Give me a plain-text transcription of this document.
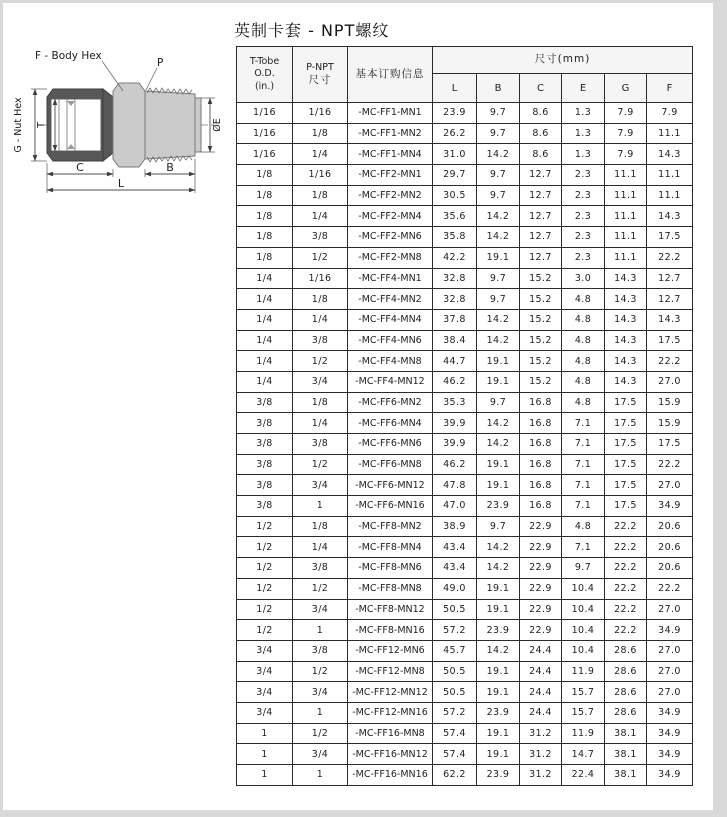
英制卡套 - NPT螺纹
F - Body Hex
P
G - Nut Hex T	ØE
C	B
L
T-Tobe
O.D.
(in.)

P-NPT
尺寸
	基本订购信息	尺寸(mm)
			L	B	C	E	G	F
1/16	1/16	-MC-FF1-MN1	23.9	9.7	8.6	1.3	7.9	7.9
1/16	1/8	-MC-FF1-MN2	26.2	9.7	8.6	1.3	7.9	11.1
1/16	1/4	-MC-FF1-MN4	31.0	14.2	8.6	1.3	7.9	14.3
1/8	1/16	-MC-FF2-MN1	29.7	9.7	12.7	2.3	11.1	11.1
1/8	1/8	-MC-FF2-MN2	30.5	9.7	12.7	2.3	11.1	11.1
1/8	1/4	-MC-FF2-MN4	35.6	14.2	12.7	2.3	11.1	14.3
1/8	3/8	-MC-FF2-MN6	35.8	14.2	12.7	2.3	11.1	17.5
1/8	1/2	-MC-FF2-MN8	42.2	19.1	12.7	2.3	11.1	22.2
1/4	1/16	-MC-FF4-MN1	32.8	9.7	15.2	3.0	14.3	12.7
1/4	1/8	-MC-FF4-MN2	32.8	9.7	15.2	4.8	14.3	12.7
1/4	1/4	-MC-FF4-MN4	37.8	14.2	15.2	4.8	14.3	14.3
1/4	3/8	-MC-FF4-MN6	38.4	14.2	15.2	4.8	14.3	17.5
1/4	1/2	-MC-FF4-MN8	44.7	19.1	15.2	4.8	14.3	22.2
1/4	3/4	-MC-FF4-MN12	46.2	19.1	15.2	4.8	14.3	27.0
3/8	1/8	-MC-FF6-MN2	35.3	9.7	16.8	4.8	17.5	15.9
3/8	1/4	-MC-FF6-MN4	39.9	14.2	16.8	7.1	17.5	15.9
3/8	3/8	-MC-FF6-MN6	39.9	14.2	16.8	7.1	17.5	17.5
3/8	1/2	-MC-FF6-MN8	46.2	19.1	16.8	7.1	17.5	22.2
3/8	3/4	-MC-FF6-MN12	47.8	19.1	16.8	7.1	17.5	27.0
3/8	1	-MC-FF6-MN16	47.0	23.9	16.8	7.1	17.5	34.9
1/2	1/8	-MC-FF8-MN2	38.9	9.7	22.9	4.8	22.2	20.6
1/2	1/4	-MC-FF8-MN4	43.4	14.2	22.9	7.1	22.2	20.6
1/2	3/8	-MC-FF8-MN6	43.4	14.2	22.9	9.7	22.2	20.6
1/2	1/2	-MC-FF8-MN8	49.0	19.1	22.9	10.4	22.2	22.2
1/2	3/4	-MC-FF8-MN12	50.5	19.1	22.9	10.4	22.2	27.0
1/2	1	-MC-FF8-MN16	57.2	23.9	22.9	10.4	22.2	34.9
3/4	3/8	-MC-FF12-MN6	45.7	14.2	24.4	10.4	28.6	27.0
3/4	1/2	-MC-FF12-MN8	50.5	19.1	24.4	11.9	28.6	27.0
3/4	3/4	-MC-FF12-MN12	50.5	19.1	24.4	15.7	28.6	27.0
3/4	1	-MC-FF12-MN16	57.2	23.9	24.4	15.7	28.6	34.9
1	1/2	-MC-FF16-MN8	57.4	19.1	31.2	11.9	38.1	34.9
1	3/4	-MC-FF16-MN12	57.4	19.1	31.2	14.7	38.1	34.9
1	1	-MC-FF16-MN16	62.2	23.9	31.2	22.4	38.1	34.9
